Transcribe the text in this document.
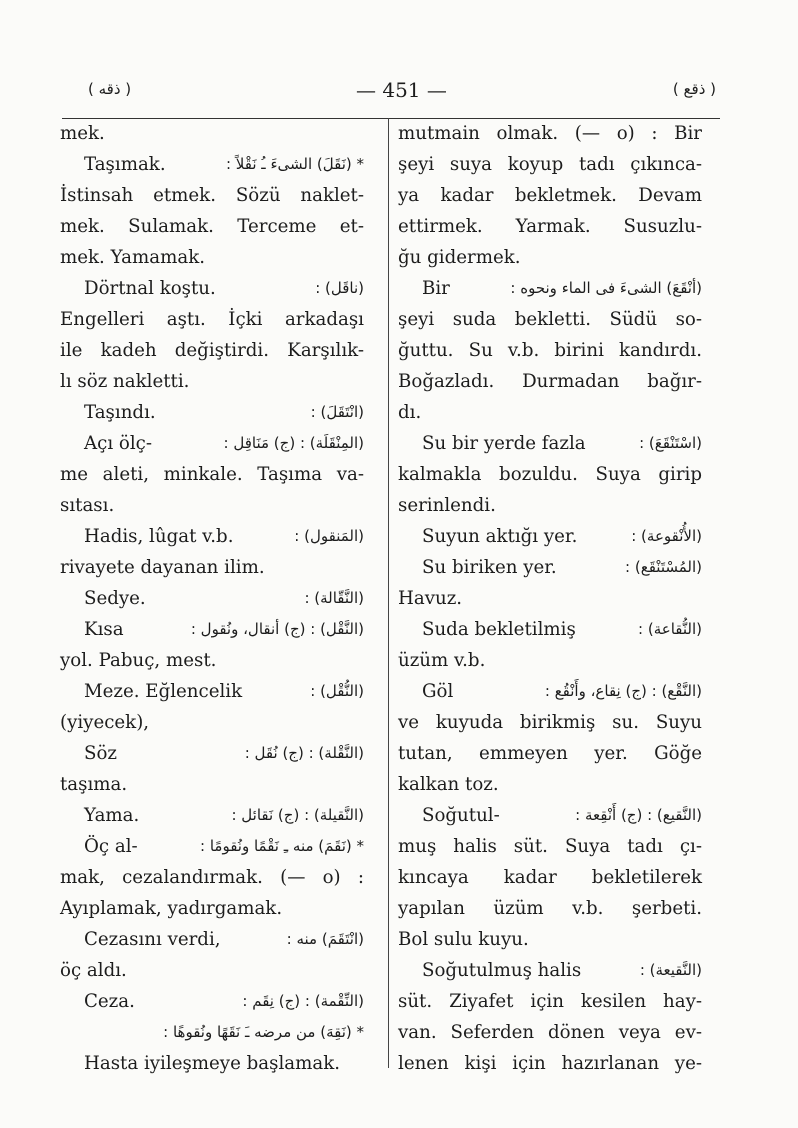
( ذقه )	— 451 —	( ذقع )
mek.
Taşımak.	* (نَقَلَ) الشىءَ ـُ نَقْلاً :
İstinsah etmek. Sözü naklet-
mek. Sulamak. Terceme et-
mek. Yamamak.
Dörtnal koştu.	(ناقَل) :
Engelleri aştı. İçki arkadaşı
ile kadeh değiştirdi. Karşılık-
lı söz nakletti.
Taşındı.	(انْتَقَلَ) :
Açı ölç-	(المِنْقَلَة) : (ج) مَنَاقِل :
me aleti, minkale. Taşıma va-
sıtası.
Hadis, lûgat v.b.	(المَنقول) :
rivayete dayanan ilim.
Sedye.	(النَّقّالة) :
Kısa	(النَّقْل) : (ج) أنقال، ونُقول :
yol. Pabuç, mest.
Meze. Eğlencelik	(النُّقْل) :
(yiyecek),
Söz	(النَّقْلة) : (ج) نُقَل :
taşıma.
Yama.	(النَّقيلة) : (ج) نَقائل :
Öç al-	* (نَقَمَ) منه ـِ نَقْمًا ونُقومًا :
mak, cezalandırmak. (— o) :
Ayıplamak, yadırgamak.
Cezasını verdi,	(انْتَقَمَ) منه :
öç aldı.
Ceza.	(النِّقْمة) : (ج) نِقَم :
* (نَقِهَ) من مرضه ـَ نَقَهًا ونُقوهًا :
Hasta iyileşmeye başlamak.
mutmain olmak. (— o) : Bir
şeyi suya koyup tadı çıkınca-
ya kadar bekletmek. Devam
ettirmek. Yarmak. Susuzlu-
ğu gidermek.
Bir	(أنْقَعَ) الشىءَ فى الماء ونحوه :
şeyi suda bekletti. Südü so-
ğuttu. Su v.b. birini kandırdı.
Boğazladı. Durmadan bağır-
dı.
Su bir yerde fazla	(اسْتَنْقَعَ) :
kalmakla bozuldu. Suya girip
serinlendi.
Suyun aktığı yer.	(الأُنْقوعة) :
Su biriken yer.	(المُسْتَنْقَع) :
Havuz.
Suda bekletilmiş	(النُّقاعة) :
üzüm v.b.
Göl	(النَّقْع) : (ج) نِقاع، وأَنْقُع :
ve kuyuda birikmiş su. Suyu
tutan, emmeyen yer. Göğe
kalkan toz.
Soğutul-	(النَّقيع) : (ج) أَنْقِعة :
muş halis süt. Suya tadı çı-
kıncaya kadar bekletilerek
yapılan üzüm v.b. şerbeti.
Bol sulu kuyu.
Soğutulmuş halis	(النَّقيعة) :
süt. Ziyafet için kesilen hay-
van. Seferden dönen veya ev-
lenen kişi için hazırlanan ye-
